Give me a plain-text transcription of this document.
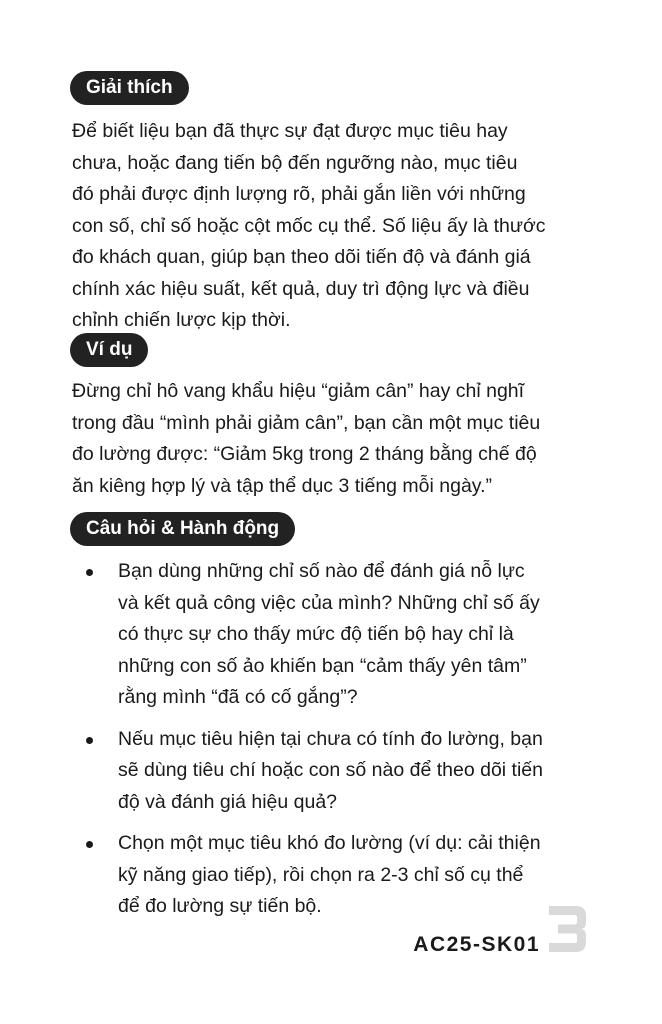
Giải thích

Để biết liệu bạn đã thực sự đạt được mục tiêu hay
chưa, hoặc đang tiến bộ đến ngưỡng nào, mục tiêu
đó phải được định lượng rõ, phải gắn liền với những
con số, chỉ số hoặc cột mốc cụ thể. Số liệu ấy là thước
đo khách quan, giúp bạn theo dõi tiến độ và đánh giá
chính xác hiệu suất, kết quả, duy trì động lực và điều
chỉnh chiến lược kịp thời.

Ví dụ

Đừng chỉ hô vang khẩu hiệu “giảm cân” hay chỉ nghĩ
trong đầu “mình phải giảm cân”, bạn cần một mục tiêu
đo lường được: “Giảm 5kg trong 2 tháng bằng chế độ
ăn kiêng hợp lý và tập thể dục 3 tiếng mỗi ngày.”

Câu hỏi & Hành động
Bạn dùng những chỉ số nào để đánh giá nỗ lực
và kết quả công việc của mình? Những chỉ số ấy
có thực sự cho thấy mức độ tiến bộ hay chỉ là
những con số ảo khiến bạn “cảm thấy yên tâm”
rằng mình “đã có cố gắng”?
Nếu mục tiêu hiện tại chưa có tính đo lường, bạn
sẽ dùng tiêu chí hoặc con số nào để theo dõi tiến
độ và đánh giá hiệu quả?
Chọn một mục tiêu khó đo lường (ví dụ: cải thiện
kỹ năng giao tiếp), rồi chọn ra 2-3 chỉ số cụ thể
để đo lường sự tiến bộ.
AC25-SK01
3
